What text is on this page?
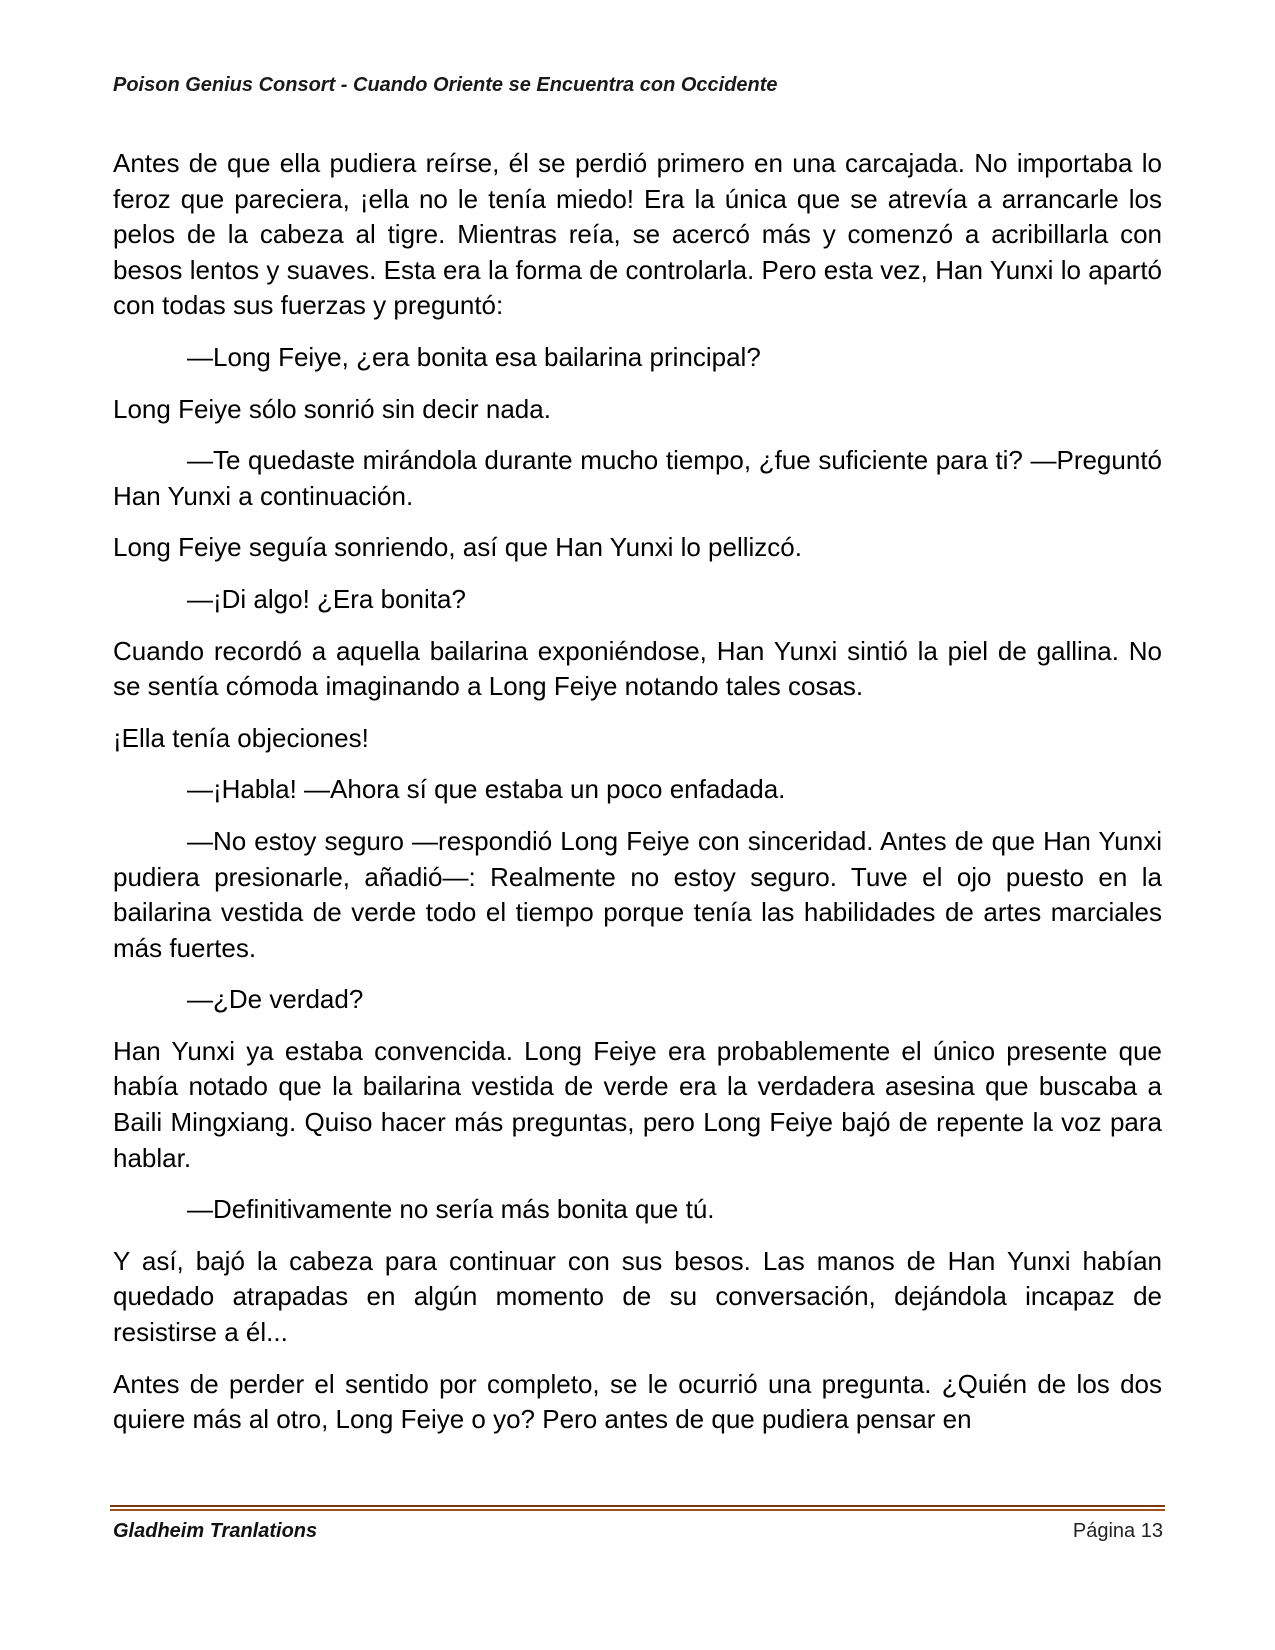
Poison Genius Consort - Cuando Oriente se Encuentra con Occidente

Antes de que ella pudiera reírse, él se perdió primero en una carcajada. No importaba lo feroz que pareciera, ¡ella no le tenía miedo! Era la única que se atrevía a arrancarle los pelos de la cabeza al tigre. Mientras reía, se acercó más y comenzó a acribillarla con besos lentos y suaves. Esta era la forma de controlarla. Pero esta vez, Han Yunxi lo apartó con todas sus fuerzas y preguntó:

—Long Feiye, ¿era bonita esa bailarina principal?

Long Feiye sólo sonrió sin decir nada.

—Te quedaste mirándola durante mucho tiempo, ¿fue suficiente para ti? —Preguntó Han Yunxi a continuación.

Long Feiye seguía sonriendo, así que Han Yunxi lo pellizcó.

—¡Di algo! ¿Era bonita?

Cuando recordó a aquella bailarina exponiéndose, Han Yunxi sintió la piel de gallina. No se sentía cómoda imaginando a Long Feiye notando tales cosas.

¡Ella tenía objeciones!

—¡Habla! —Ahora sí que estaba un poco enfadada.

—No estoy seguro —respondió Long Feiye con sinceridad. Antes de que Han Yunxi pudiera presionarle, añadió—: Realmente no estoy seguro. Tuve el ojo puesto en la bailarina vestida de verde todo el tiempo porque tenía las habilidades de artes marciales más fuertes.

—¿De verdad?

Han Yunxi ya estaba convencida. Long Feiye era probablemente el único presente que había notado que la bailarina vestida de verde era la verdadera asesina que buscaba a Baili Mingxiang. Quiso hacer más preguntas, pero Long Feiye bajó de repente la voz para hablar.

—Definitivamente no sería más bonita que tú.

Y así, bajó la cabeza para continuar con sus besos. Las manos de Han Yunxi habían quedado atrapadas en algún momento de su conversación, dejándola incapaz de resistirse a él...

Antes de perder el sentido por completo, se le ocurrió una pregunta. ¿Quién de los dos quiere más al otro, Long Feiye o yo? Pero antes de que pudiera pensar en

Gladheim Tranlations	Página 13
